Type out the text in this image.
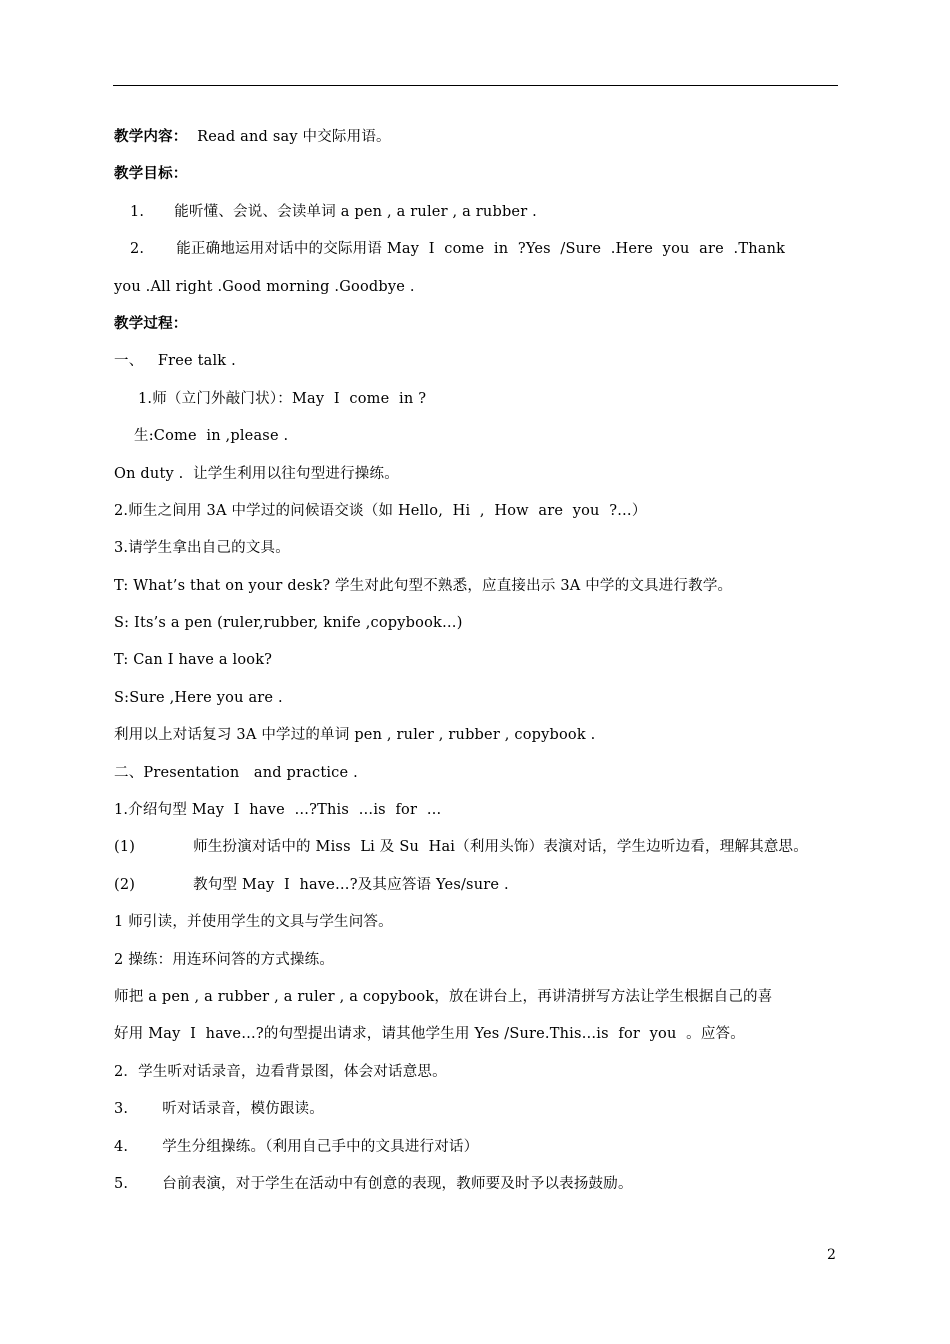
教学内容：  Read and say 中交际用语。
教学目标：
1. 能听懂、会说、会读单词 a pen , a ruler , a rubber .
2. 能正确地运用对话中的交际用语 May  I  come  in  ?Yes  /Sure  .Here  you  are  .Thank
you .All right .Good morning .Goodbye .
教学过程：
一、   Free talk .
1.师（立门外敲门状）：May  I  come  in ?
生:Come  in ,please .
On duty .  让学生利用以往句型进行操练。
2.师生之间用 3A 中学过的问候语交谈（如 Hello,  Hi  ,  How  are  you  ?…）
3.请学生拿出自己的文具。
T: What’s that on your desk? 学生对此句型不熟悉，应直接出示 3A 中学的文具进行教学。
S: Its’s a pen (ruler,rubber, knife ,copybook…)
T: Can I have a look?
S:Sure ,Here you are .
利用以上对话复习 3A 中学过的单词 pen , ruler , rubber , copybook .
二、Presentation   and practice .
1.介绍句型 May  I  have  …?This  …is  for  …
(1)	师生扮演对话中的 Miss  Li 及 Su  Hai（利用头饰）表演对话，学生边听边看，理解其意思。
(2)	教句型 May  I  have…?及其应答语 Yes/sure .
1 师引读，并使用学生的文具与学生问答。
2 操练：用连环问答的方式操练。
师把 a pen , a rubber , a ruler , a copybook，放在讲台上，再讲清拼写方法让学生根据自己的喜
好用 May  I  have…?的句型提出请求，请其他学生用 Yes /Sure.This…is  for  you  。应答。
2．学生听对话录音，边看背景图，体会对话意思。
3. 听对话录音，模仿跟读。
4. 学生分组操练。（利用自己手中的文具进行对话）
5. 台前表演，对于学生在活动中有创意的表现，教师要及时予以表扬鼓励。
2
